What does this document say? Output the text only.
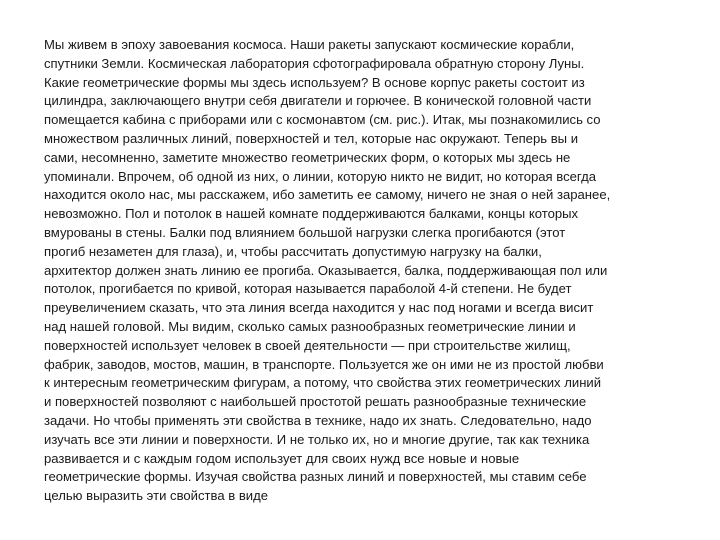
Мы живем в эпоху завоевания космоса. Наши ракеты запускают космические корабли,
спутники Земли. Космическая лаборатория сфотографировала обратную сторону Луны.
Какие геометрические формы мы здесь используем? В основе корпус ракеты состоит из
цилиндра, заключающего внутри себя двигатели и горючее. В конической головной части
помещается кабина с приборами или с космонавтом (см. рис.). Итак, мы познакомились со
множеством различных линий, поверхностей и тел, которые нас окружают. Теперь вы и
сами, несомненно, заметите множество геометрических форм, о которых мы здесь не
упоминали. Впрочем, об одной из них, о линии, которую никто не видит, но которая всегда
находится около нас, мы расскажем, ибо заметить ее самому, ничего не зная о ней заранее,
невозможно. Пол и потолок в нашей комнате поддерживаются балками, концы которых
вмурованы в стены. Балки под влиянием большой нагрузки слегка прогибаются (этот
прогиб незаметен для глаза), и, чтобы рассчитать допустимую нагрузку на балки,
архитектор должен знать линию ее прогиба. Оказывается, балка, поддерживающая пол или
потолок, прогибается по кривой, которая называется параболой 4-й степени. Не будет
преувеличением сказать, что эта линия всегда находится у нас под ногами и всегда висит
над нашей головой. Мы видим, сколько самых разнообразных геометрические линии и
поверхностей использует человек в своей деятельности — при строительстве жилищ,
фабрик, заводов, мостов, машин, в транспорте. Пользуется же он ими не из простой любви
к интересным геометрическим фигурам, а потому, что свойства этих геометрических линий
и поверхностей позволяют с наибольшей простотой решать разнообразные технические
задачи. Но чтобы применять эти свойства в технике, надо их знать. Следовательно, надо
изучать все эти линии и поверхности. И не только их, но и многие другие, так как техника
развивается и с каждым годом использует для своих нужд все новые и новые
геометрические формы. Изучая свойства разных линий и поверхностей, мы ставим себе
целью выразить эти свойства в виде
